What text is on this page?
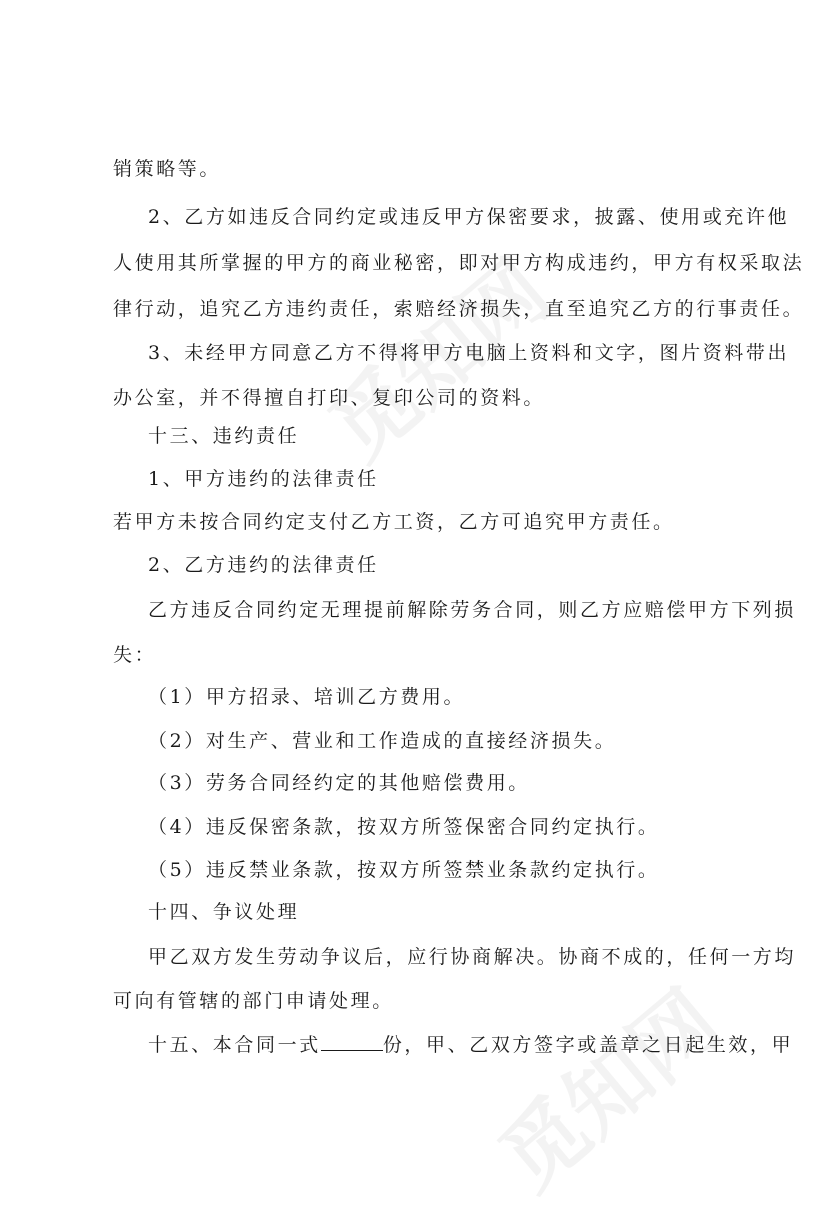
销策略等。
2、乙方如违反合同约定或违反甲方保密要求，披露、使用或充许他
人使用其所掌握的甲方的商业秘密，即对甲方构成违约，甲方有权采取法
律行动，追究乙方违约责任，索赔经济损失，直至追究乙方的行事责任。
3、未经甲方同意乙方不得将甲方电脑上资料和文字，图片资料带出
办公室，并不得擅自打印、复印公司的资料。
十三、违约责任
1、甲方违约的法律责任
若甲方未按合同约定支付乙方工资，乙方可追究甲方责任。
2、乙方违约的法律责任
乙方违反合同约定无理提前解除劳务合同，则乙方应赔偿甲方下列损
失：
（1）甲方招录、培训乙方费用。
（2）对生产、营业和工作造成的直接经济损失。
（3）劳务合同经约定的其他赔偿费用。
（4）违反保密条款，按双方所签保密合同约定执行。
（5）违反禁业条款，按双方所签禁业条款约定执行。
十四、争议处理
甲乙双方发生劳动争议后，应行协商解决。协商不成的，任何一方均
可向有管辖的部门申请处理。
十五、本合同一式	份，甲、乙双方签字或盖章之日起生效，甲
